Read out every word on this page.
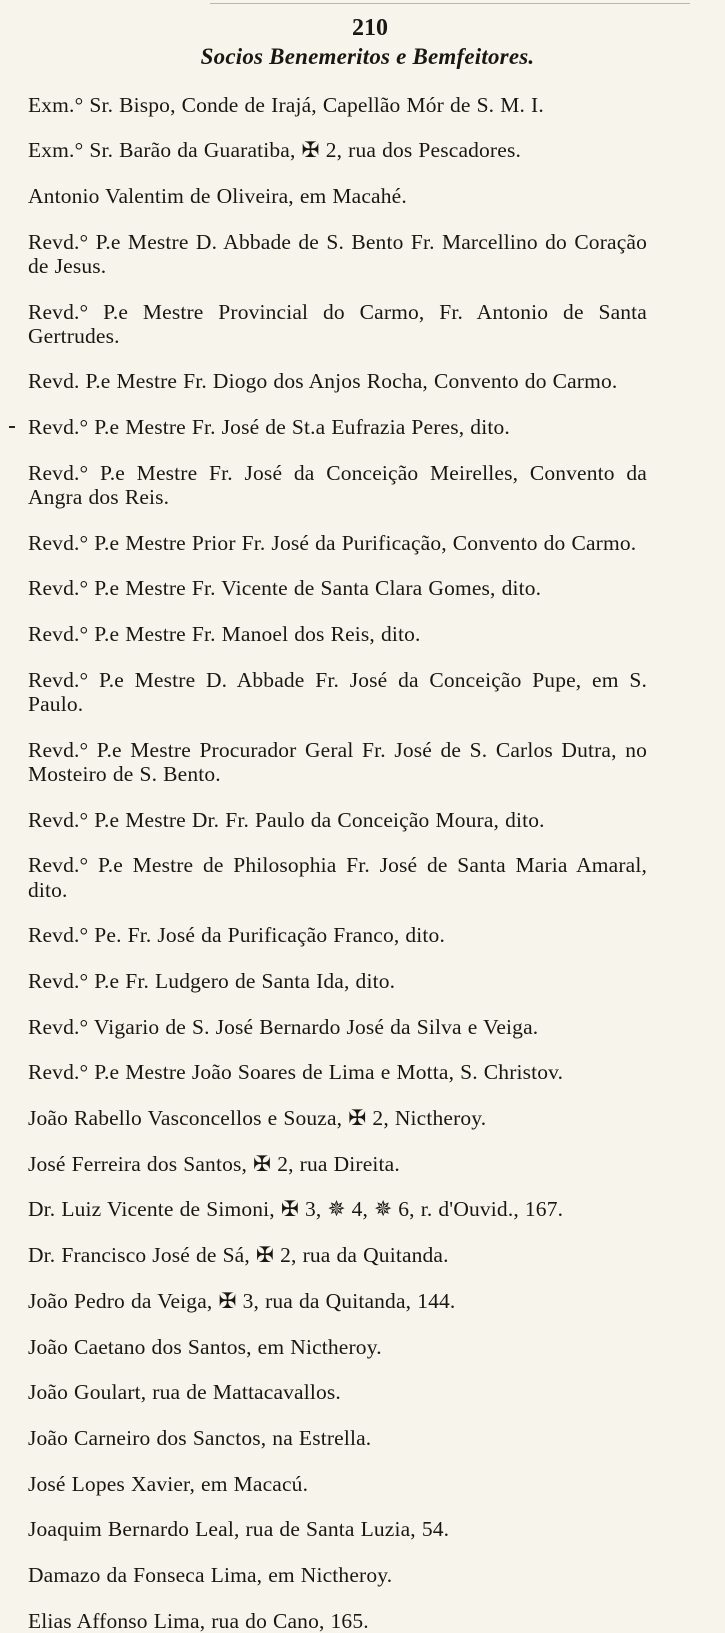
210
Socios Benemeritos e Bemfeitores.

Exm.° Sr. Bispo, Conde de Irajá, Capellão Mór de S. M. I.

Exm.° Sr. Barão da Guaratiba, ✠ 2, rua dos Pescadores.

Antonio Valentim de Oliveira, em Macahé.

Revd.° P.e Mestre D. Abbade de S. Bento Fr. Marcellino do Coração de Jesus.

Revd.° P.e Mestre Provincial do Carmo, Fr. Antonio de Santa Gertrudes.

Revd. P.e Mestre Fr. Diogo dos Anjos Rocha, Convento do Carmo.

Revd.° P.e Mestre Fr. José de St.a Eufrazia Peres, dito.

Revd.° P.e Mestre Fr. José da Conceição Meirelles, Convento da Angra dos Reis.

Revd.° P.e Mestre Prior Fr. José da Purificação, Convento do Carmo.

Revd.° P.e Mestre Fr. Vicente de Santa Clara Gomes, dito.

Revd.° P.e Mestre Fr. Manoel dos Reis, dito.

Revd.° P.e Mestre D. Abbade Fr. José da Conceição Pupe, em S. Paulo.

Revd.° P.e Mestre Procurador Geral Fr. José de S. Carlos Dutra, no Mosteiro de S. Bento.

Revd.° P.e Mestre Dr. Fr. Paulo da Conceição Moura, dito.

Revd.° P.e Mestre de Philosophia Fr. José de Santa Maria Amaral, dito.

Revd.° Pe. Fr. José da Purificação Franco, dito.

Revd.° P.e Fr. Ludgero de Santa Ida, dito.

Revd.° Vigario de S. José Bernardo José da Silva e Veiga.

Revd.° P.e Mestre João Soares de Lima e Motta, S. Christov.

João Rabello Vasconcellos e Souza, ✠ 2, Nictheroy.

José Ferreira dos Santos, ✠ 2, rua Direita.

Dr. Luiz Vicente de Simoni, ✠ 3, ✵ 4, ✵ 6, r. d'Ouvid., 167.

Dr. Francisco José de Sá, ✠ 2, rua da Quitanda.

João Pedro da Veiga, ✠ 3, rua da Quitanda, 144.

João Caetano dos Santos, em Nictheroy.

João Goulart, rua de Mattacavallos.

João Carneiro dos Sanctos, na Estrella.

José Lopes Xavier, em Macacú.

Joaquim Bernardo Leal, rua de Santa Luzia, 54.

Damazo da Fonseca Lima, em Nictheroy.

Elias Affonso Lima, rua do Cano, 165.
